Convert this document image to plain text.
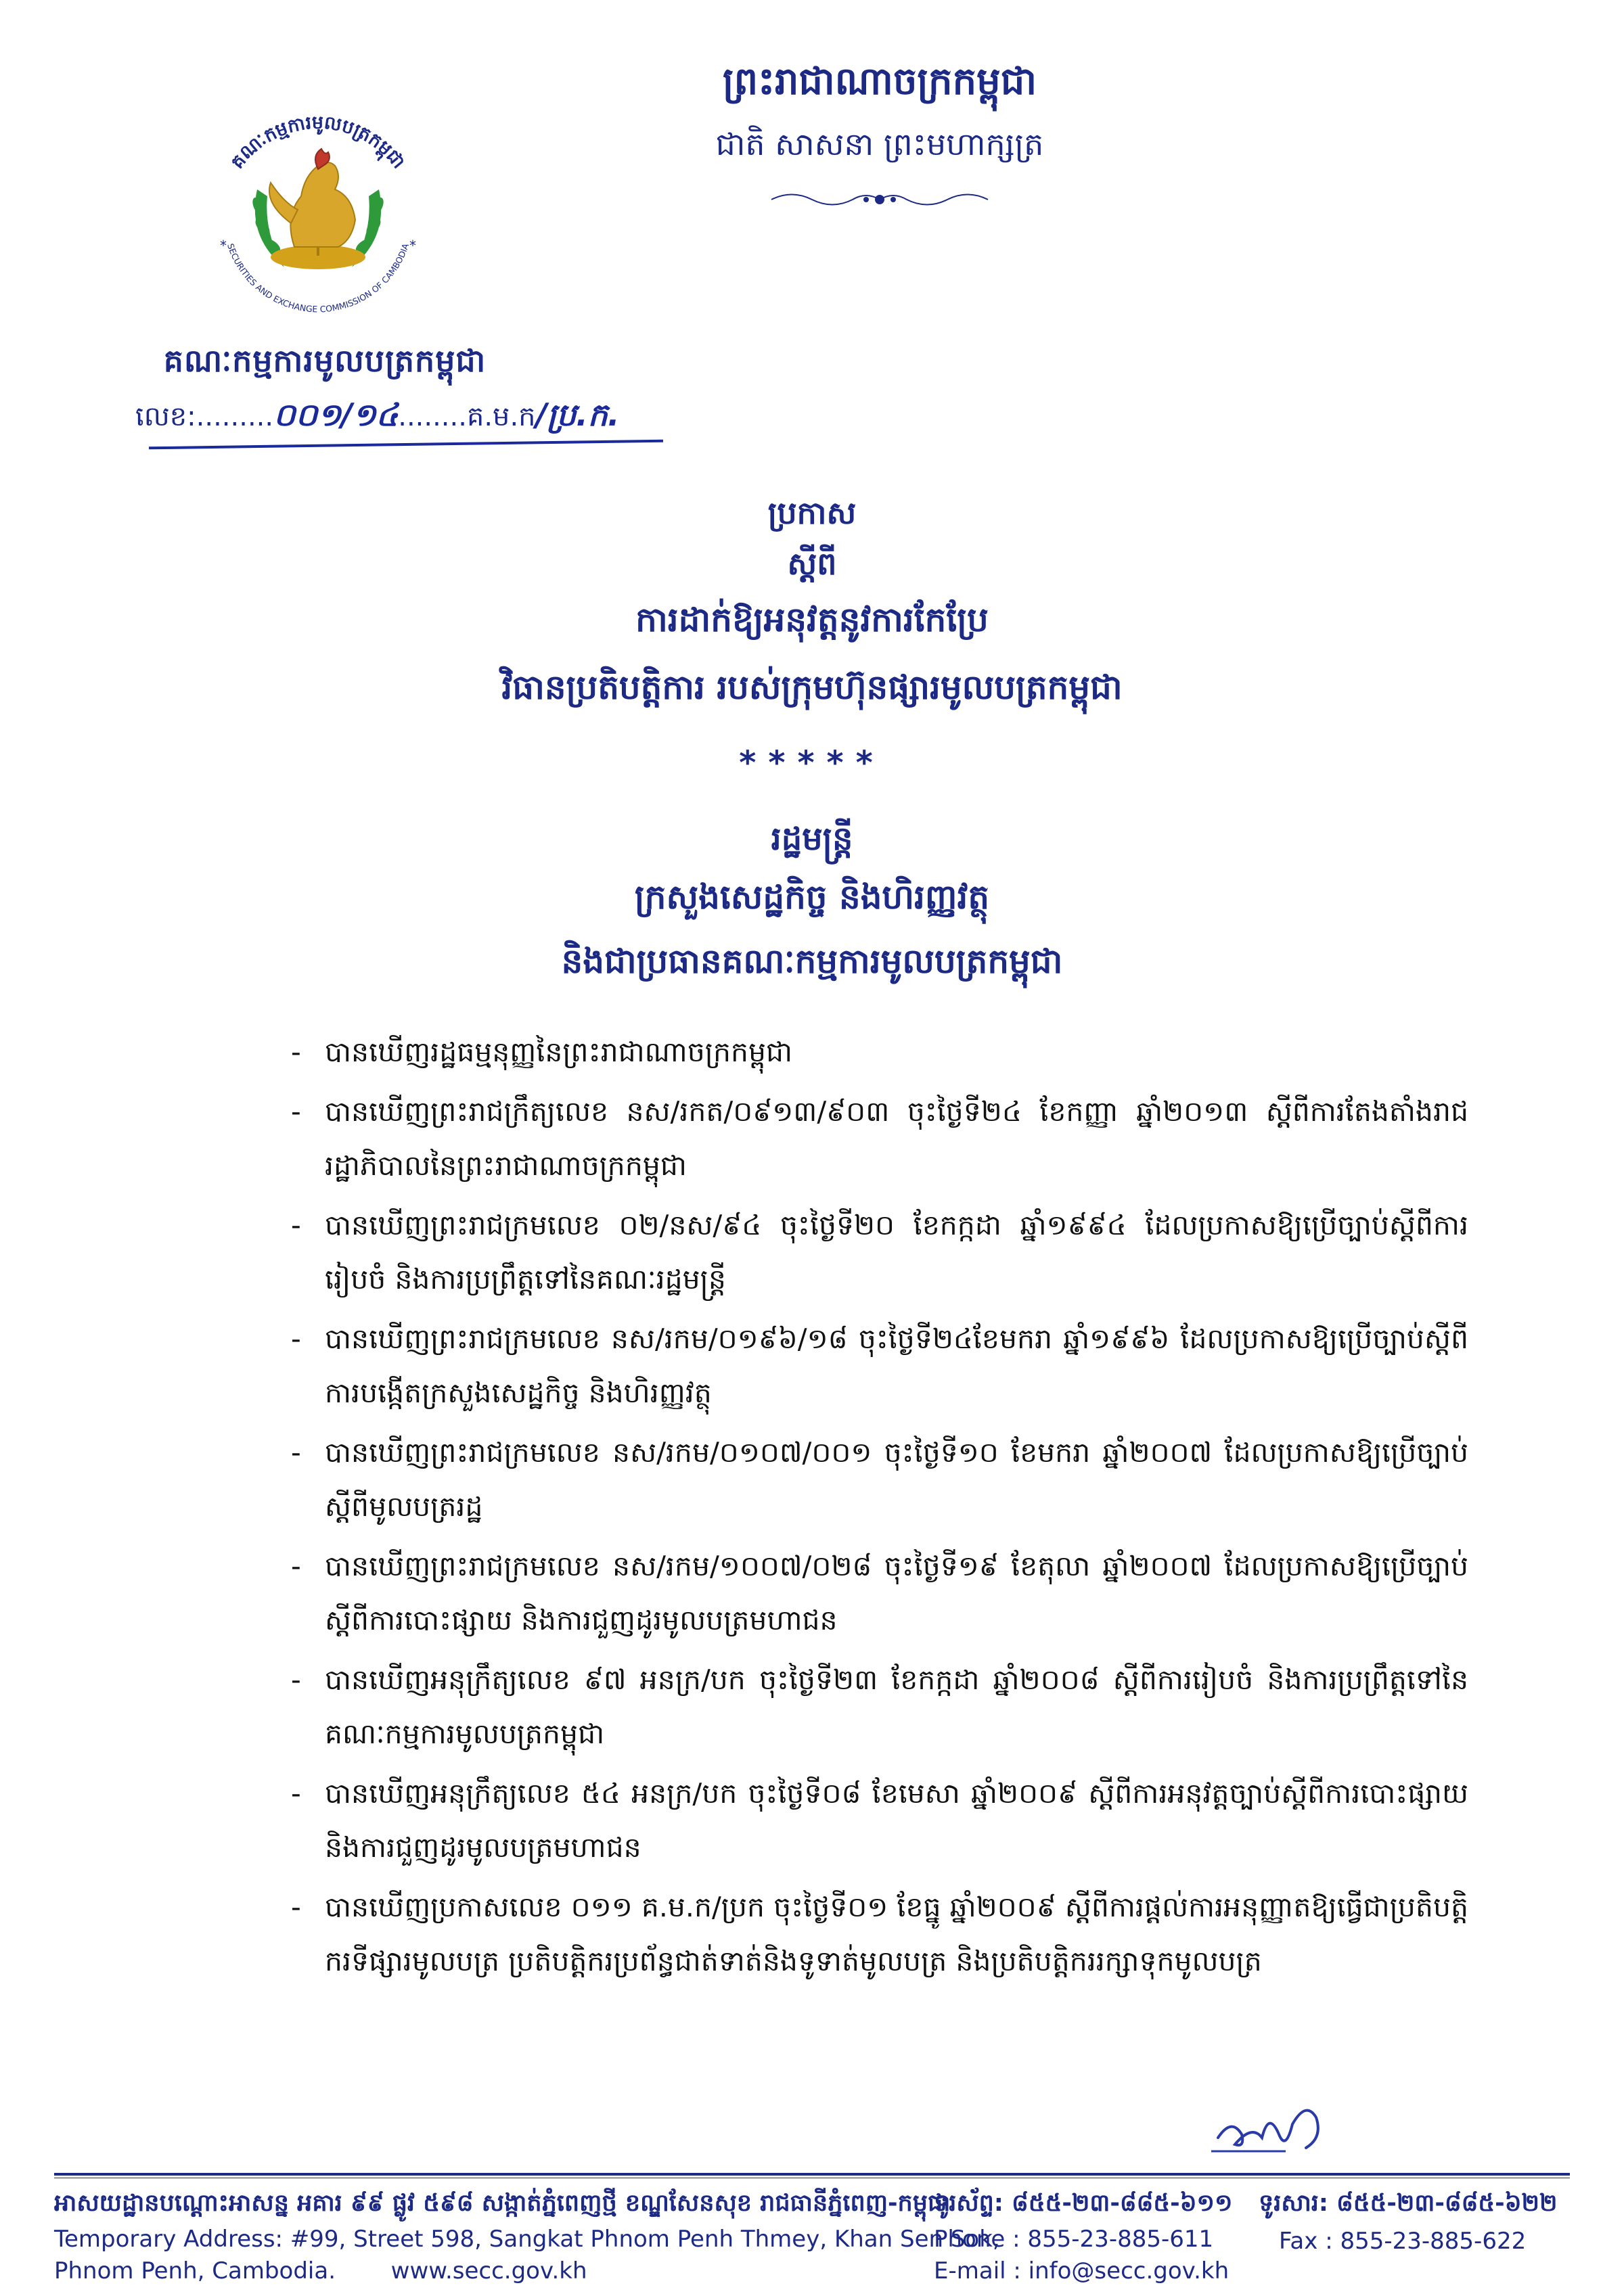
គណៈកម្មការមូលបត្រកម្ពុជា
SECURITIES AND EXCHANGE COMMISSION OF CAMBODIA
*	*
គណៈកម្មការមូលបត្រកម្ពុជា
លេខ:.........០០១/១៤........គ.ម.ក/ប្រ.ក.
ព្រះរាជាណាចក្រកម្ពុជា
ជាតិ សាសនា ព្រះមហាក្សត្រ
ប្រកាស
ស្តីពី
ការដាក់ឱ្យអនុវត្តនូវការកែប្រែ
វិធានប្រតិបត្តិការ របស់ក្រុមហ៊ុនផ្សារមូលបត្រកម្ពុជា
*****
រដ្ឋមន្ត្រី
ក្រសួងសេដ្ឋកិច្ច និងហិរញ្ញវត្ថុ
និងជាប្រធានគណៈកម្មការមូលបត្រកម្ពុជា
- បានឃើញរដ្ឋធម្មនុញ្ញនៃព្រះរាជាណាចក្រកម្ពុជា
- បានឃើញព្រះរាជក្រឹត្យលេខ នស/រកត/០៩១៣/៩០៣ ចុះថ្ងៃទី២៤ ខែកញ្ញា ឆ្នាំ២០១៣ ស្តីពីការតែងតាំងរាជរដ្ឋាភិបាលនៃព្រះរាជាណាចក្រកម្ពុជា
- បានឃើញព្រះរាជក្រមលេខ ០២/នស/៩៤ ចុះថ្ងៃទី២០ ខែកក្កដា ឆ្នាំ១៩៩៤ ដែលប្រកាសឱ្យប្រើច្បាប់ស្តីពីការរៀបចំ និងការប្រព្រឹត្តទៅនៃគណៈរដ្ឋមន្ត្រី
- បានឃើញព្រះរាជក្រមលេខ នស/រកម/០១៩៦/១៨ ចុះថ្ងៃទី២៤ខែមករា ឆ្នាំ១៩៩៦ ដែលប្រកាសឱ្យប្រើច្បាប់ស្តីពីការបង្កើតក្រសួងសេដ្ឋកិច្ច និងហិរញ្ញវត្ថុ
- បានឃើញព្រះរាជក្រមលេខ នស/រកម/០១០៧/០០១ ចុះថ្ងៃទី១០ ខែមករា ឆ្នាំ២០០៧ ដែលប្រកាសឱ្យប្រើច្បាប់ស្តីពីមូលបត្ររដ្ឋ
- បានឃើញព្រះរាជក្រមលេខ នស/រកម/១០០៧/០២៨ ចុះថ្ងៃទី១៩ ខែតុលា ឆ្នាំ២០០៧ ដែលប្រកាសឱ្យប្រើច្បាប់ស្តីពីការបោះផ្សាយ និងការជួញដូរមូលបត្រមហាជន
- បានឃើញអនុក្រឹត្យលេខ ៩៧ អនក្រ/បក ចុះថ្ងៃទី២៣ ខែកក្កដា ឆ្នាំ២០០៨ ស្តីពីការរៀបចំ និងការប្រព្រឹត្តទៅនៃគណៈកម្មការមូលបត្រកម្ពុជា
- បានឃើញអនុក្រឹត្យលេខ ៥៤ អនក្រ/បក ចុះថ្ងៃទី០៨ ខែមេសា ឆ្នាំ២០០៩ ស្តីពីការអនុវត្តច្បាប់ស្តីពីការបោះផ្សាយ និងការជួញដូរមូលបត្រមហាជន
- បានឃើញប្រកាសលេខ ០១១ គ.ម.ក/ប្រក ចុះថ្ងៃទី០១ ខែធ្នូ ឆ្នាំ២០០៩ ស្តីពីការផ្តល់ការអនុញ្ញាតឱ្យធ្វើជាប្រតិបត្តិករទីផ្សារមូលបត្រ ប្រតិបត្តិករប្រព័ន្ធជាត់ទាត់និងទូទាត់មូលបត្រ និងប្រតិបត្តិកររក្សាទុកមូលបត្រ
អាសយដ្ឋានបណ្តោះអាសន្ន អគារ ៩៩ ផ្លូវ ៥៩៨ សង្កាត់ភ្នំពេញថ្មី ខណ្ឌសែនសុខ រាជធានីភ្នំពេញ-កម្ពុជា
Temporary Address: #99, Street 598, Sangkat Phnom Penh Thmey, Khan Sen Sok,
Phnom Penh, Cambodia. www.secc.gov.kh
ទូរស័ព្ទ: ៨៥៥-២៣-៨៨៥-៦១១
Phone : 855-23-885-611
E-mail : info@secc.gov.kh
ទូរសារ: ៨៥៥-២៣-៨៨៥-៦២២
Fax : 855-23-885-622
